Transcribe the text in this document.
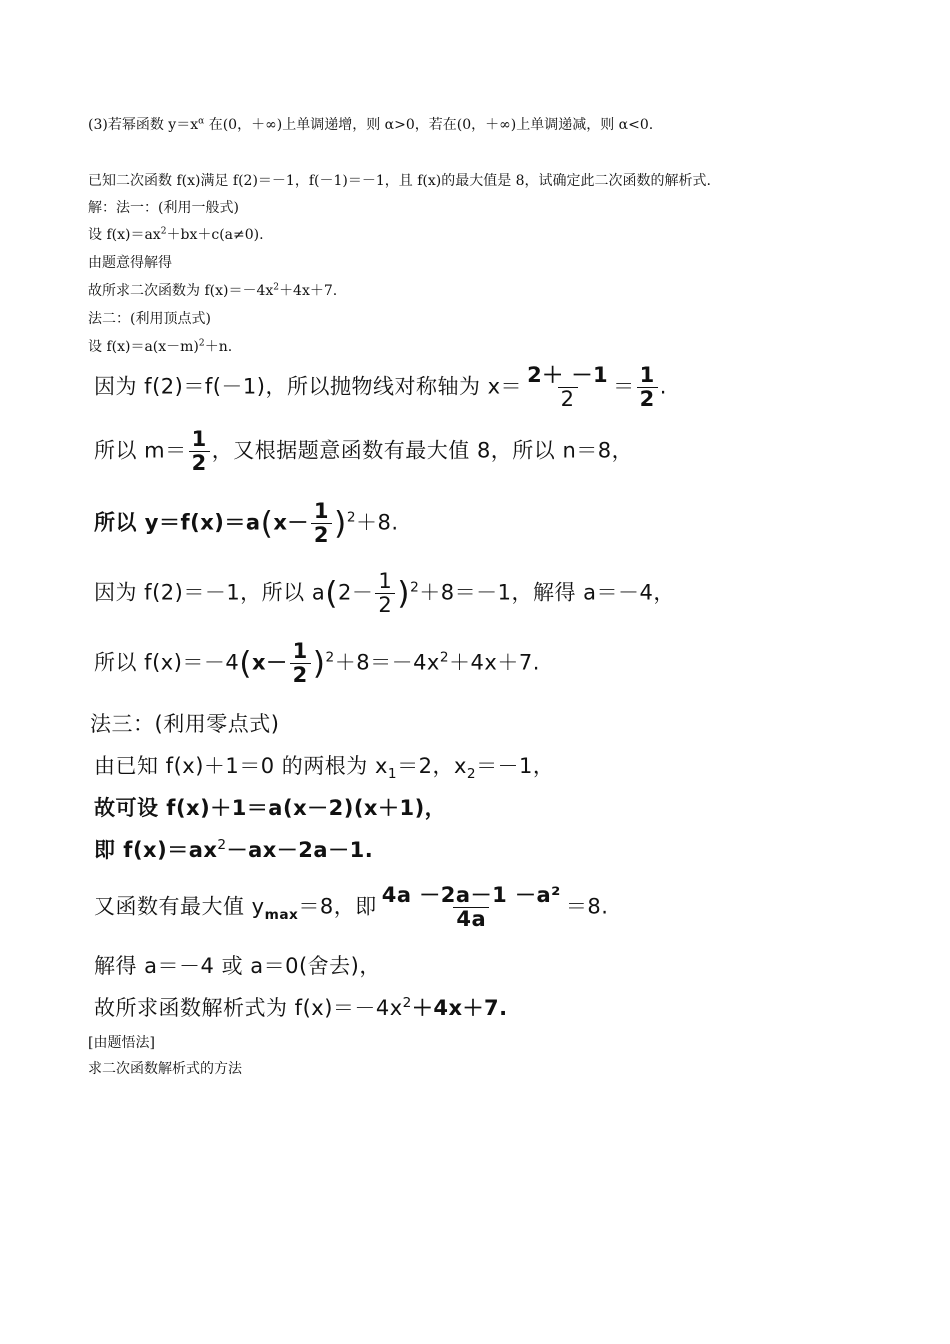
(3)若幂函数 $y=x^\alpha$ 在(0，＋∞)上单调递增，则 α>0，若在(0，＋∞)上单调递减，则 α<0.
已知二次函数 f(x)满足 f(2)＝－1，f(－1)＝－1，且 f(x)的最大值是 8，试确定此二次函数的解析式.
解：法一：(利用一般式)
设 $f(x)=ax^2+bx+c(a\ne 0)$.
由题意得解得
故所求二次函数为 $f(x)=-4x^2+4x+7$.
法二：(利用顶点式)
设 $f(x)=a(x-m)^2+n$.
因为 f(2)＝f(－1)，所以抛物线对称轴为 $x= \frac{2+ -1}{2} = \frac{1}{2}$ .
所以 $m= \frac{1}{2}$ ，又根据题意函数有最大值 8，所以 n＝8，
所以 $y=f(x)=a(x- \frac{1}{2} )^2+8$.
因为 f(2)＝－1，所以 $a(2- \frac{1}{2} )^2+8=-1$，解得 a＝－4，
所以 $f(x)=-4(x- \frac{1}{2} )^2+8=-4x^2+4x+7$.
法三：(利用零点式)
由已知 f(x)＋1＝0 的两根为 $x_1=2$，$x_2=-1$，
故可设 f(x)＋1＝a(x－2)(x＋1)，
即 $f(x)=ax^2-ax-2a-1$.
又函数有最大值 $y_{max}=8$，即 $\frac{\text{4a －2a－1 －a²}}{4a} =8$.
解得 a＝－4 或 a＝0(舍去)，
故所求函数解析式为 $f(x)=-4x^2+4x+7$.
[由题悟法]
求二次函数解析式的方法
